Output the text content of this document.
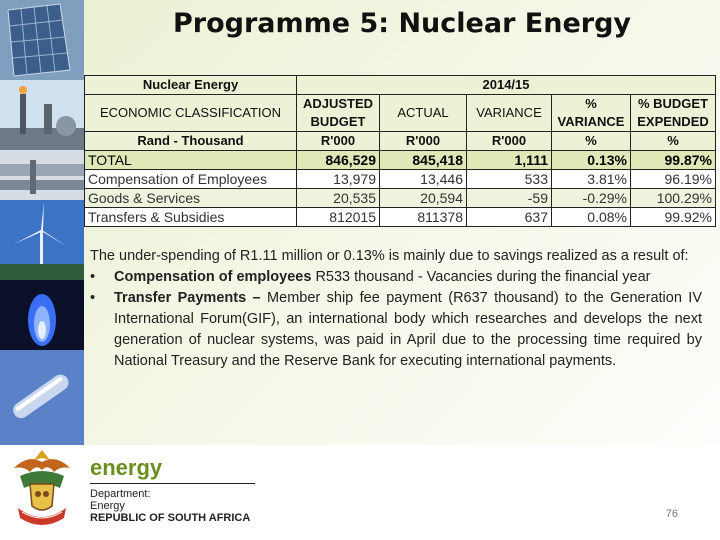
Programme 5: Nuclear Energy
Nuclear Energy	2014/15				
ECONOMIC CLASSIFICATION	ADJUSTED BUDGET	ACTUAL	VARIANCE	% VARIANCE	% BUDGET EXPENDED
Rand - Thousand	R'000	R'000	R'000	%	%
TOTAL	846,529	845,418	1,111	0.13%	99.87%
Compensation of Employees	13,979	13,446	533	3.81%	96.19%
Goods & Services	20,535	20,594	-59	-0.29%	100.29%
Transfers & Subsidies	812015	811378	637	0.08%	99.92%

The under-spending of R1.11 million or 0.13% is mainly due to savings realized as a result of:

• Compensation of employees R533 thousand - Vacancies during the financial year

• Transfer Payments – Member ship fee payment (R637 thousand) to the Generation IV International Forum(GIF), an international body which researches and develops the next generation of nuclear systems, was paid in April due to the processing time required by National Treasury and the Reserve Bank for executing international payments.

energy
Department:
Energy
REPUBLIC OF SOUTH AFRICA	76
